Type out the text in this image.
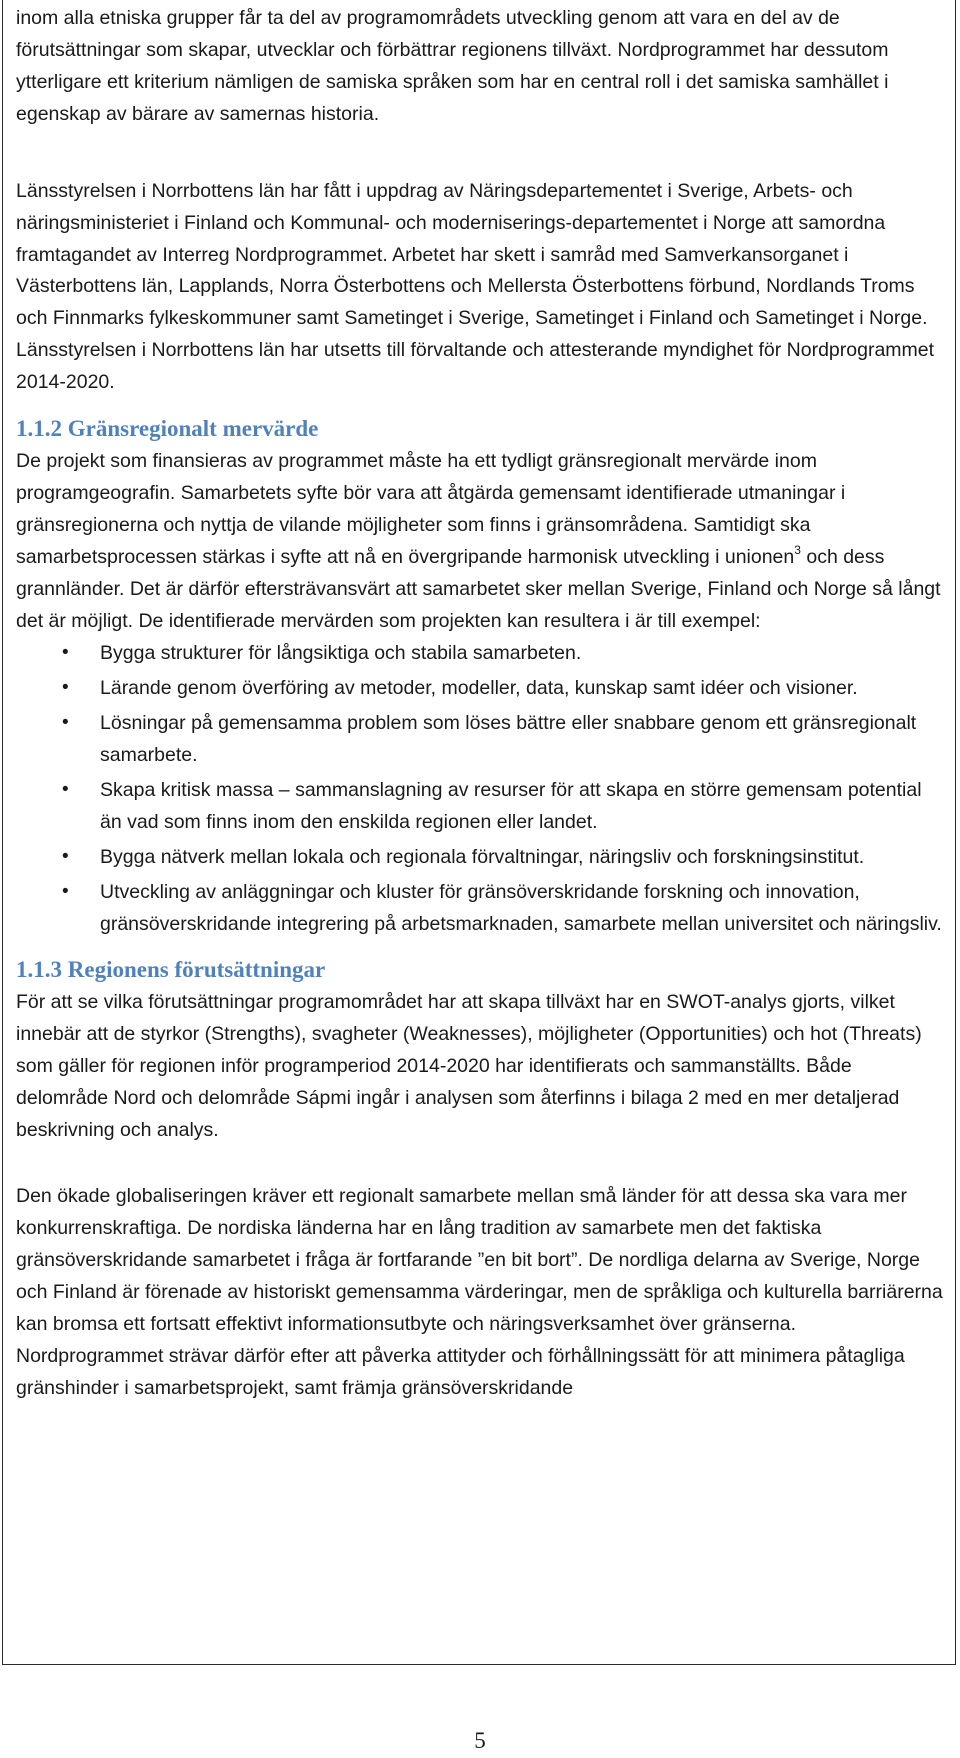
inom alla etniska grupper får ta del av programområdets utveckling genom att vara en del av de förutsättningar som skapar, utvecklar och förbättrar regionens tillväxt. Nordprogrammet har dessutom ytterligare ett kriterium nämligen de samiska språken som har en central roll i det samiska samhället i egenskap av bärare av samernas historia.

Länsstyrelsen i Norrbottens län har fått i uppdrag av Näringsdepartementet i Sverige, Arbets- och näringsministeriet i Finland och Kommunal- och moderniserings-departementet i Norge att samordna framtagandet av Interreg Nordprogrammet. Arbetet har skett i samråd med Samverkansorganet i Västerbottens län, Lapplands, Norra Österbottens och Mellersta Österbottens förbund, Nordlands Troms och Finnmarks fylkeskommuner samt Sametinget i Sverige, Sametinget i Finland och Sametinget i Norge. Länsstyrelsen i Norrbottens län har utsetts till förvaltande och attesterande myndighet för Nordprogrammet 2014-2020.

1.1.2 Gränsregionalt mervärde

De projekt som finansieras av programmet måste ha ett tydligt gränsregionalt mervärde inom programgeografin. Samarbetets syfte bör vara att åtgärda gemensamt identifierade utmaningar i gränsregionerna och nyttja de vilande möjligheter som finns i gränsområdena. Samtidigt ska samarbetsprocessen stärkas i syfte att nå en övergripande harmonisk utveckling i unionen$^3$ och dess grannländer. Det är därför eftersträvansvärt att samarbetet sker mellan Sverige, Finland och Norge så långt det är möjligt. De identifierade mervärden som projekten kan resultera i är till exempel:

• Bygga strukturer för långsiktiga och stabila samarbeten.
• Lärande genom överföring av metoder, modeller, data, kunskap samt idéer och visioner.
• Lösningar på gemensamma problem som löses bättre eller snabbare genom ett gränsregionalt samarbete.
• Skapa kritisk massa – sammanslagning av resurser för att skapa en större gemensam potential än vad som finns inom den enskilda regionen eller landet.
• Bygga nätverk mellan lokala och regionala förvaltningar, näringsliv och forskningsinstitut.
• Utveckling av anläggningar och kluster för gränsöverskridande forskning och innovation, gränsöverskridande integrering på arbetsmarknaden, samarbete mellan universitet och näringsliv.
1.1.3 Regionens förutsättningar

För att se vilka förutsättningar programområdet har att skapa tillväxt har en SWOT-analys gjorts, vilket innebär att de styrkor (Strengths), svagheter (Weaknesses), möjligheter (Opportunities) och hot (Threats) som gäller för regionen inför programperiod 2014-2020 har identifierats och sammanställts. Både delområde Nord och delområde Sápmi ingår i analysen som återfinns i bilaga 2 med en mer detaljerad beskrivning och analys.

Den ökade globaliseringen kräver ett regionalt samarbete mellan små länder för att dessa ska vara mer konkurrenskraftiga. De nordiska länderna har en lång tradition av samarbete men det faktiska gränsöverskridande samarbetet i fråga är fortfarande ”en bit bort”. De nordliga delarna av Sverige, Norge och Finland är förenade av historiskt gemensamma värderingar, men de språkliga och kulturella barriärerna kan bromsa ett fortsatt effektivt informationsutbyte och näringsverksamhet över gränserna. Nordprogrammet strävar därför efter att påverka attityder och förhållningssätt för att minimera påtagliga gränshinder i samarbetsprojekt, samt främja gränsöverskridande

5
